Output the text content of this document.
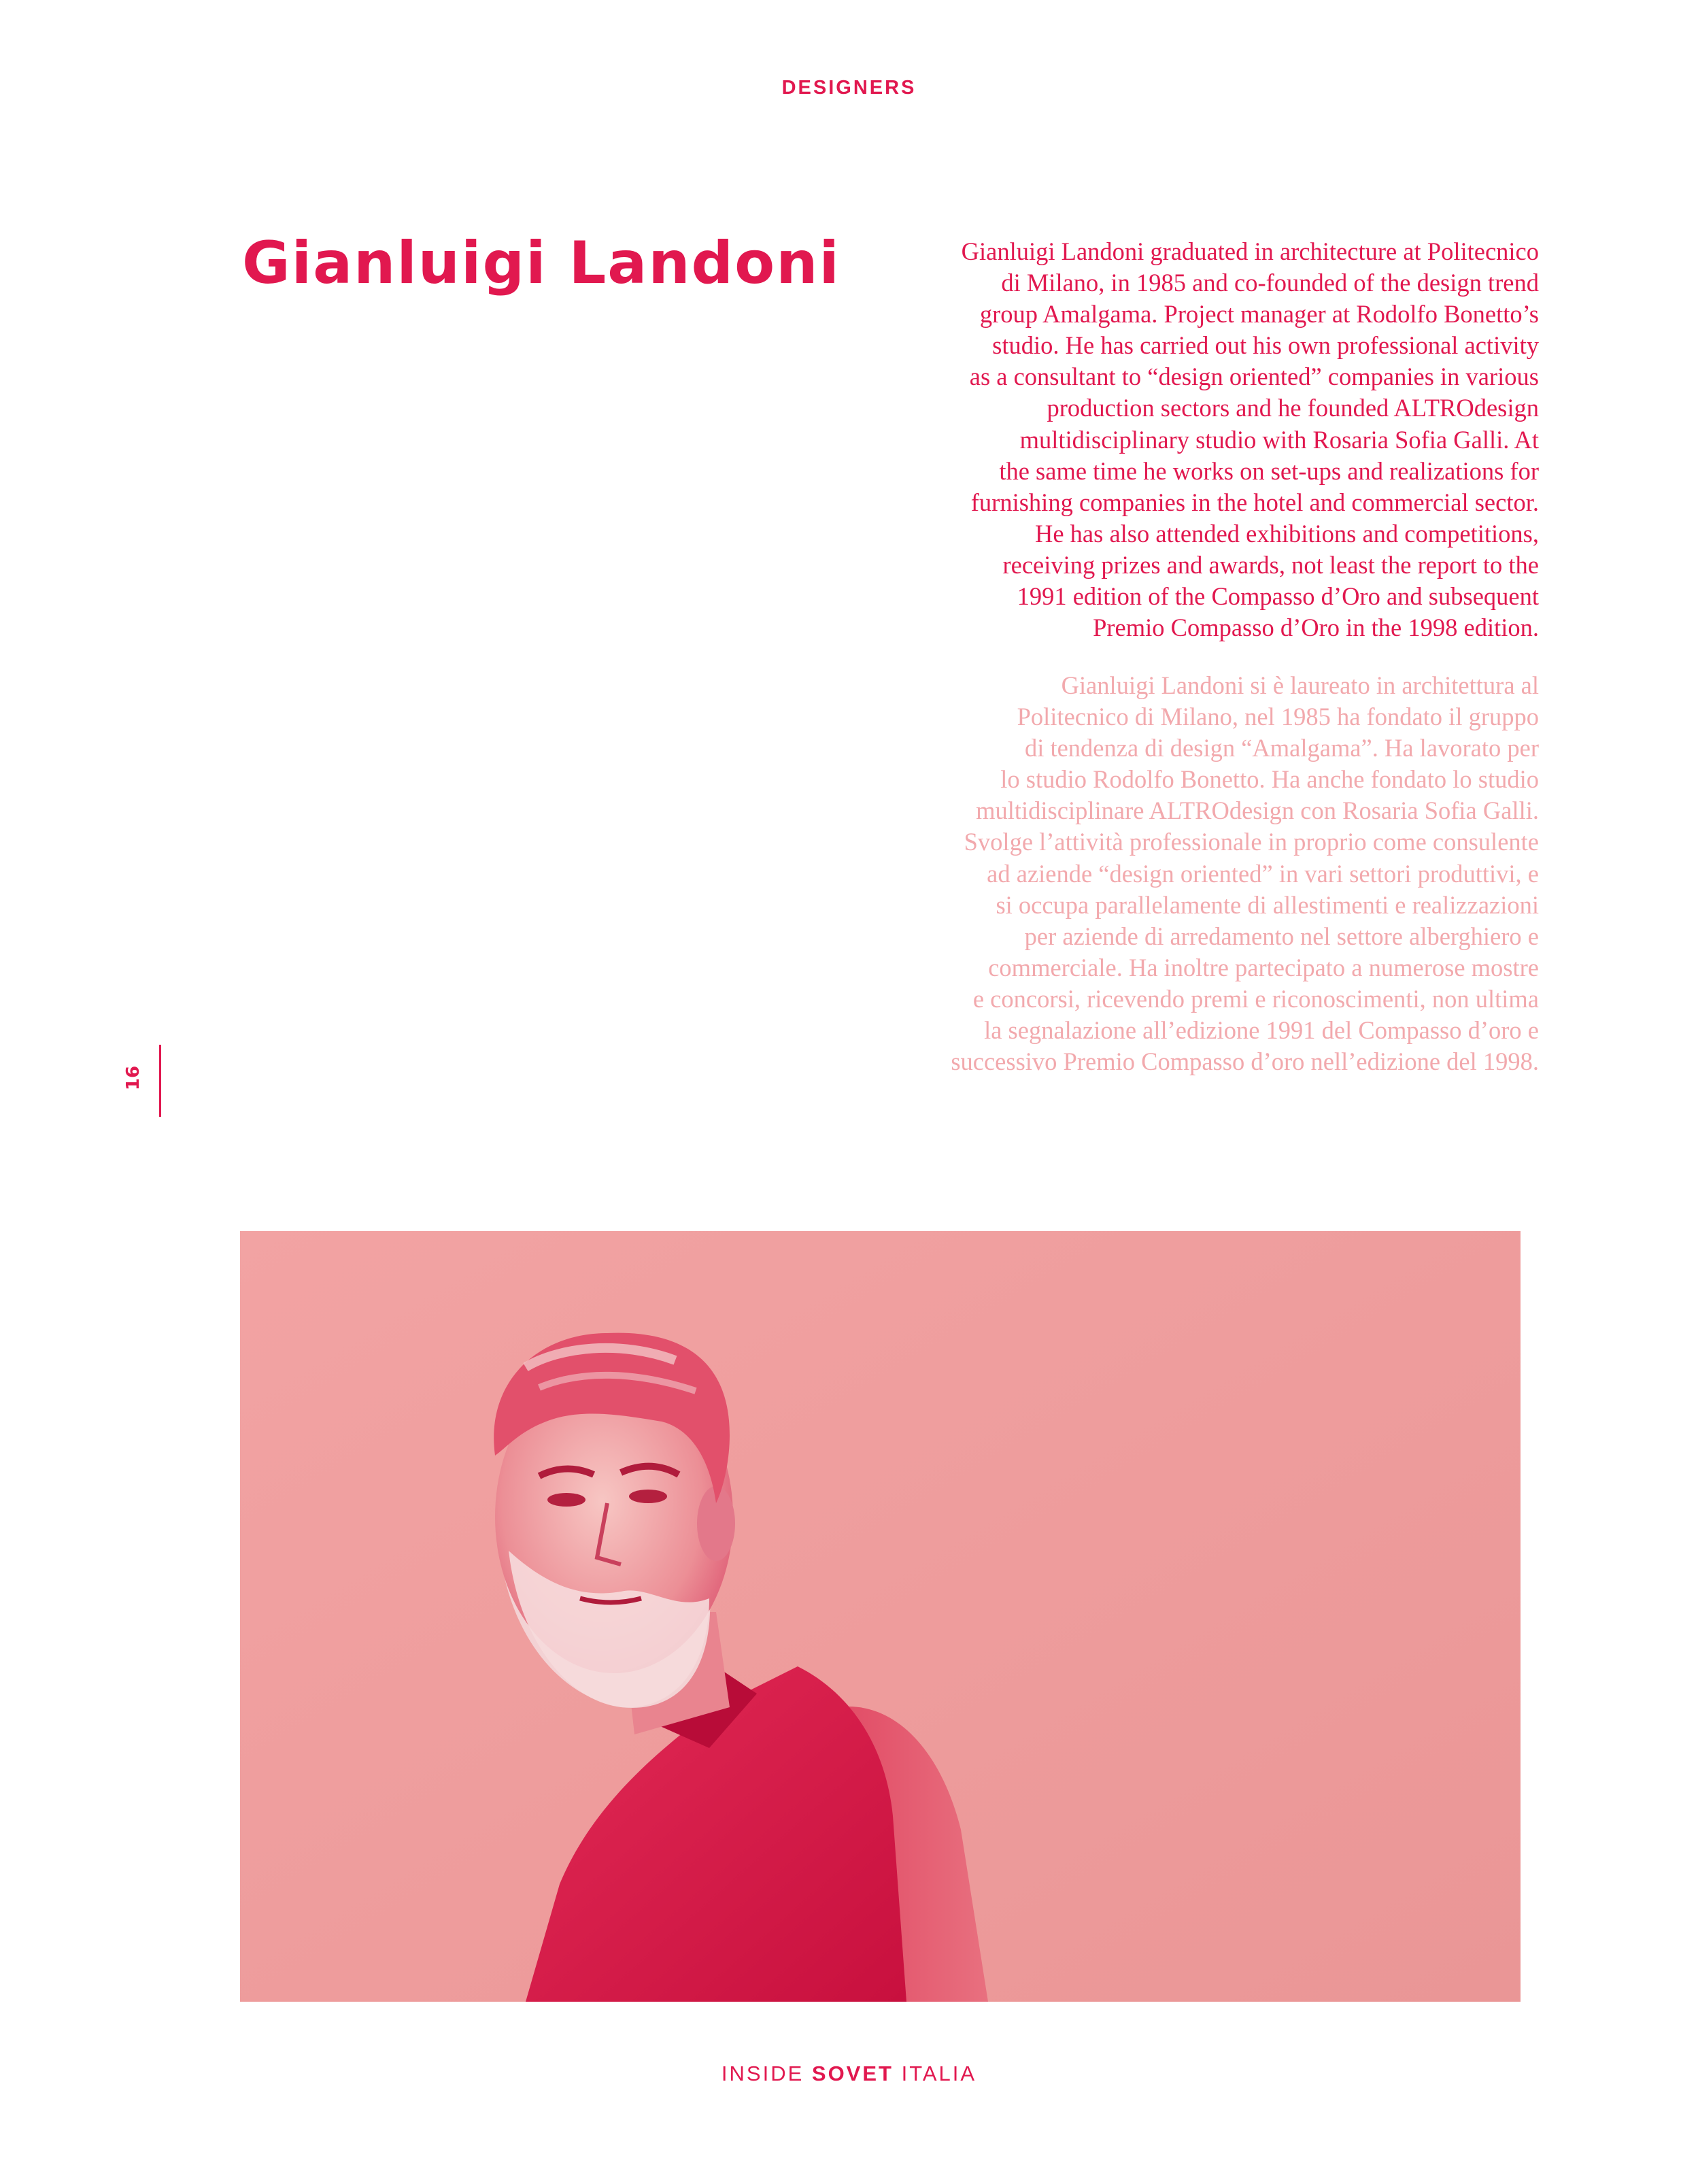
DESIGNERS
Gianluigi Landoni	Gianluigi Landoni graduated in architecture at Politecnico
di Milano, in 1985 and co-founded of the design trend
group Amalgama. Project manager at Rodolfo Bonetto’s
studio. He has carried out his own professional activity
as a consultant to “design oriented” companies in various
production sectors and he founded ALTROdesign
multidisciplinary studio with Rosaria Sofia Galli. At
the same time he works on set-ups and realizations for
furnishing companies in the hotel and commercial sector.
He has also attended exhibitions and competitions,
receiving prizes and awards, not least the report to the
1991 edition of the Compasso d’Oro and subsequent
Premio Compasso d’Oro in the 1998 edition.

Gianluigi Landoni si è laureato in architettura al
Politecnico di Milano, nel 1985 ha fondato il gruppo
di tendenza di design “Amalgama”. Ha lavorato per
lo studio Rodolfo Bonetto. Ha anche fondato lo studio
multidisciplinare ALTROdesign con Rosaria Sofia Galli.
Svolge l’attività professionale in proprio come consulente
ad aziende “design oriented” in vari settori produttivi, e
si occupa parallelamente di allestimenti e realizzazioni
per aziende di arredamento nel settore alberghiero e
commerciale. Ha inoltre partecipato a numerose mostre
e concorsi, ricevendo premi e riconoscimenti, non ultima
la segnalazione all’edizione 1991 del Compasso d’oro e
successivo Premio Compasso d’oro nell’edizione del 1998.

16
INSIDE SOVET ITALIA
